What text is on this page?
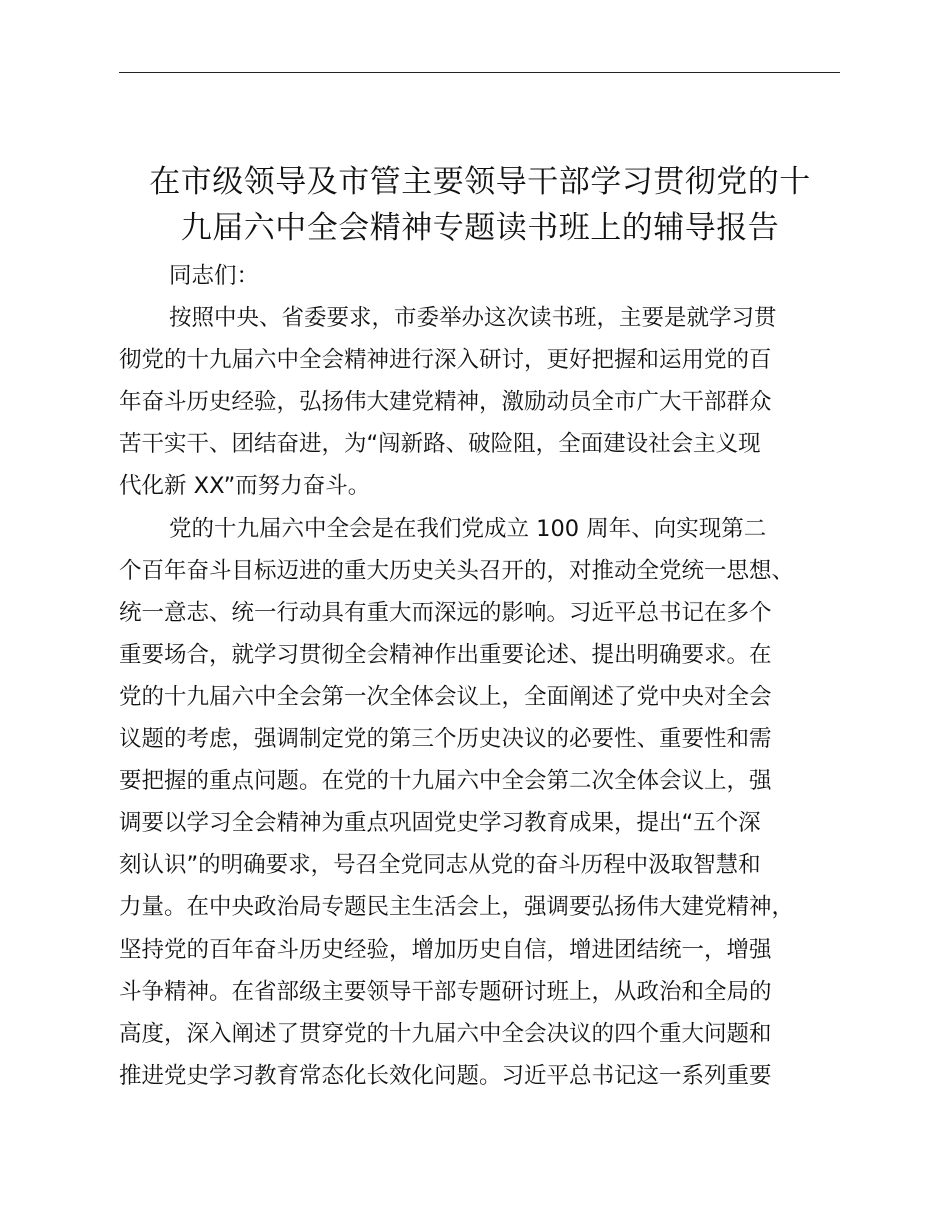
在市级领导及市管主要领导干部学习贯彻党的十
九届六中全会精神专题读书班上的辅导报告
同志们：
按照中央、省委要求，市委举办这次读书班，主要是就学习贯
彻党的十九届六中全会精神进行深入研讨，更好把握和运用党的百
年奋斗历史经验，弘扬伟大建党精神，激励动员全市广大干部群众
苦干实干、团结奋进，为“闯新路、破险阻，全面建设社会主义现
代化新 XX”而努力奋斗。
党的十九届六中全会是在我们党成立 100 周年、向实现第二
个百年奋斗目标迈进的重大历史关头召开的，对推动全党统一思想、
统一意志、统一行动具有重大而深远的影响。习近平总书记在多个
重要场合，就学习贯彻全会精神作出重要论述、提出明确要求。在
党的十九届六中全会第一次全体会议上，全面阐述了党中央对全会
议题的考虑，强调制定党的第三个历史决议的必要性、重要性和需
要把握的重点问题。在党的十九届六中全会第二次全体会议上，强
调要以学习全会精神为重点巩固党史学习教育成果，提出“五个深
刻认识”的明确要求，号召全党同志从党的奋斗历程中汲取智慧和
力量。在中央政治局专题民主生活会上，强调要弘扬伟大建党精神，
坚持党的百年奋斗历史经验，增加历史自信，增进团结统一，增强
斗争精神。在省部级主要领导干部专题研讨班上，从政治和全局的
高度，深入阐述了贯穿党的十九届六中全会决议的四个重大问题和
推进党史学习教育常态化长效化问题。习近平总书记这一系列重要
